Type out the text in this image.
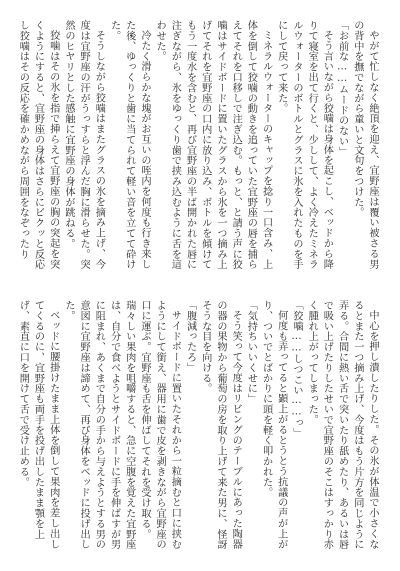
やがて忙しなく絶頂を迎え、宜野座は覆い被さる男の背中を撫でながら童いと文句をつけた。

「お前な……ムードのない」

そう言いながら狡噛は身体を起こし、ベッドから降りて寝室を出て行くと、少しして、よく冷えたミネラルウォーターのボトルとグラスに氷を入れたものを手にして戻って来た。

ミネラルウォーターのキャップを捻り一口含み、上体を倒して狡噛の動きを追っていた宜野座の唇を捕らえてそれを口移しで注ぎ込む。もっと、と請う声に狡噛はサイドボードに置いたグラスから氷を一つ摘み上げてそれを宜野座の口内に放り込み、ボトルを傾けてもう一度水を含むと、再び宜野座の半ば開かれた唇に注ぎながら、氷をゆっくり歯で挟み込むように舌を這わせた。

冷たく滑らかな塊がお互いの咥内を何度も行き来した後、ゆっくりと歯に当てられて軽い音を立てて砕けた。

そうしながら狡噛はまたグラスの氷を摘み上げ、今度は宜野座の汗がうっすらと浮んだ胸に滑らせた。突然のヒヤリとした感触に宜野座の身体が跳ねる。

狡噛はその氷を指で挿らえて宜野座の胸の突起を突くようにすると、宜野座の身体はさらにビクッと反応し狡噛はその反応を確かめながら周囲をなぞったり

中心を押し潰したりした。その氷が体温で小さくなるとまた一つ摘み上げ、今度はもう片方を同じように弄る。合間に熱い舌で突いたり舐めたり、あるいは唇で吸い上げたりしたせいで宜野座のそこはすっかり赤く腫れ上がってしまった。

「狡噛……しつこい……っ」

何度も弄ってると顕上がるとうとう抗議の声が上がり、ついでとばかりに頭を軽く叩かれた。

「気持ちいいくせに」

そう笑って今度はリビングのテーブルにあった陶器の器の果物から葡萄の房を取り上げて来た男に、怪訝そうな目を向ける。

「腹減ったろ」

サイドボードに置いたそれから一粒摘むと口に挟むようにして銜え、器用に歯で皮を剥きながら宜野座の口に運ぶ。宜野座も舌を伸ばしてそれを受け取る。瑞々しい果肉を咀嚼すると、急に空腹を覚えた宜野座は、自分で食べようとサイドボードに手を伸ばすが男に阻まれ、あくまで自分の手から与えようとする男の意図に宜野座は諦めて、再び身体をベッドに投げ出した。

ベッドに腰掛けたまま上体を倒して果肉を差し出してくるのに、宜野座も両手を投げ出したまま顎を上げ、素直に口を開けて舌で受け止める。
